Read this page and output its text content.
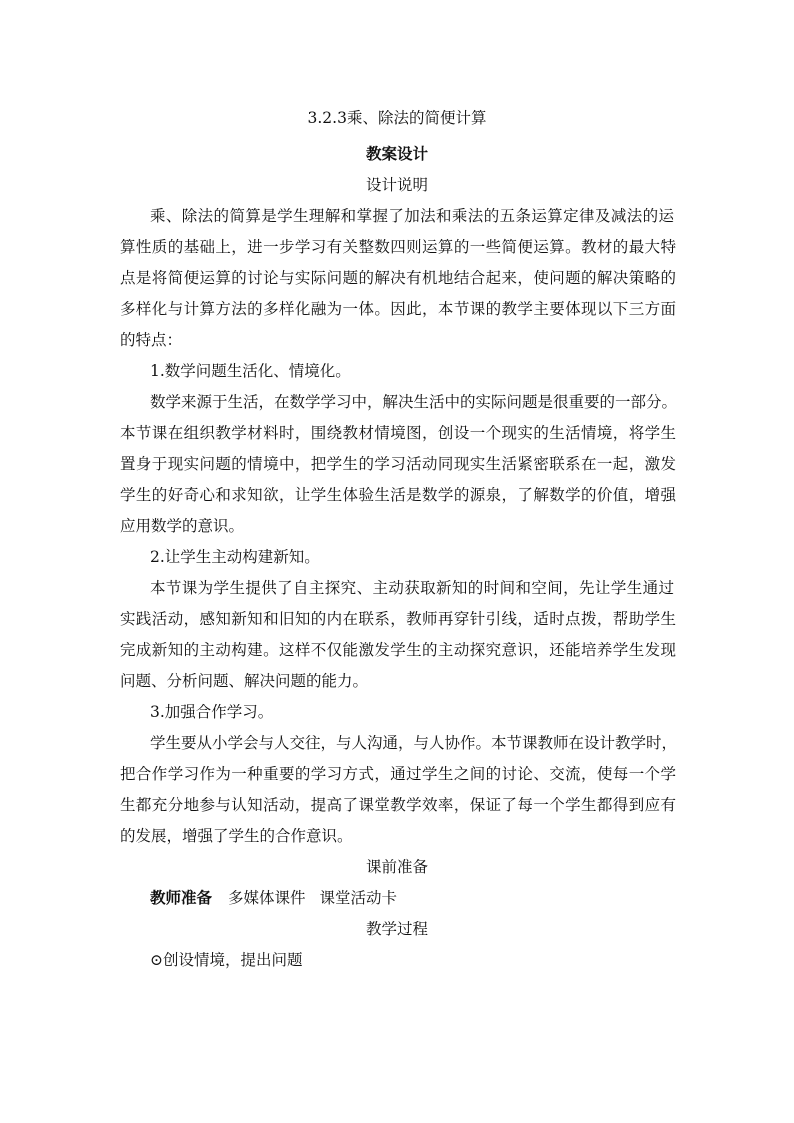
3.2.3乘、除法的简便计算
教案设计
设计说明
乘、除法的简算是学生理解和掌握了加法和乘法的五条运算定律及减法的运
算性质的基础上，进一步学习有关整数四则运算的一些简便运算。教材的最大特
点是将简便运算的讨论与实际问题的解决有机地结合起来，使问题的解决策略的
多样化与计算方法的多样化融为一体。因此，本节课的教学主要体现以下三方面
的特点：
1.数学问题生活化、情境化。
数学来源于生活，在数学学习中，解决生活中的实际问题是很重要的一部分。
本节课在组织教学材料时，围绕教材情境图，创设一个现实的生活情境，将学生
置身于现实问题的情境中，把学生的学习活动同现实生活紧密联系在一起，激发
学生的好奇心和求知欲，让学生体验生活是数学的源泉，了解数学的价值，增强
应用数学的意识。
2.让学生主动构建新知。
本节课为学生提供了自主探究、主动获取新知的时间和空间，先让学生通过
实践活动，感知新知和旧知的内在联系，教师再穿针引线，适时点拨，帮助学生
完成新知的主动构建。这样不仅能激发学生的主动探究意识，还能培养学生发现
问题、分析问题、解决问题的能力。
3.加强合作学习。
学生要从小学会与人交往，与人沟通，与人协作。本节课教师在设计教学时，
把合作学习作为一种重要的学习方式，通过学生之间的讨论、交流，使每一个学
生都充分地参与认知活动，提高了课堂教学效率，保证了每一个学生都得到应有
的发展，增强了学生的合作意识。
课前准备
教师准备 多媒体课件 课堂活动卡
教学过程
⊙创设情境，提出问题
